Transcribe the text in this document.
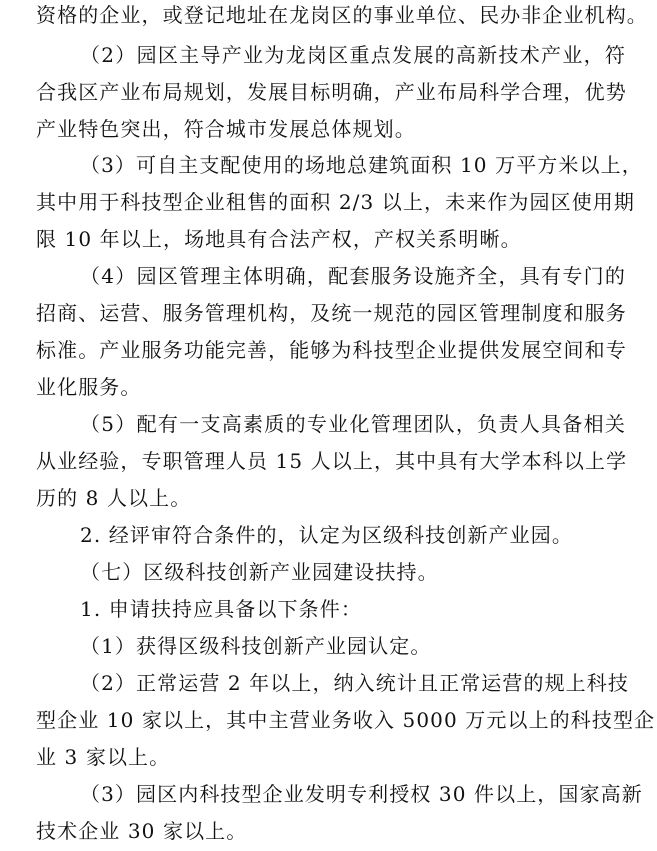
资格的企业，或登记地址在龙岗区的事业单位、民办非企业机构。
（2）园区主导产业为龙岗区重点发展的高新技术产业，符
合我区产业布局规划，发展目标明确，产业布局科学合理，优势
产业特色突出，符合城市发展总体规划。
（3）可自主支配使用的场地总建筑面积 10 万平方米以上，
其中用于科技型企业租售的面积 2/3 以上，未来作为园区使用期
限 10 年以上，场地具有合法产权，产权关系明晰。
（4）园区管理主体明确，配套服务设施齐全，具有专门的
招商、运营、服务管理机构，及统一规范的园区管理制度和服务
标准。产业服务功能完善，能够为科技型企业提供发展空间和专
业化服务。
（5）配有一支高素质的专业化管理团队，负责人具备相关
从业经验，专职管理人员 15 人以上，其中具有大学本科以上学
历的 8 人以上。
2. 经评审符合条件的，认定为区级科技创新产业园。
（七）区级科技创新产业园建设扶持。
1. 申请扶持应具备以下条件：
（1）获得区级科技创新产业园认定。
（2）正常运营 2 年以上，纳入统计且正常运营的规上科技
型企业 10 家以上，其中主营业务收入 5000 万元以上的科技型企
业 3 家以上。
（3）园区内科技型企业发明专利授权 30 件以上，国家高新
技术企业 30 家以上。
